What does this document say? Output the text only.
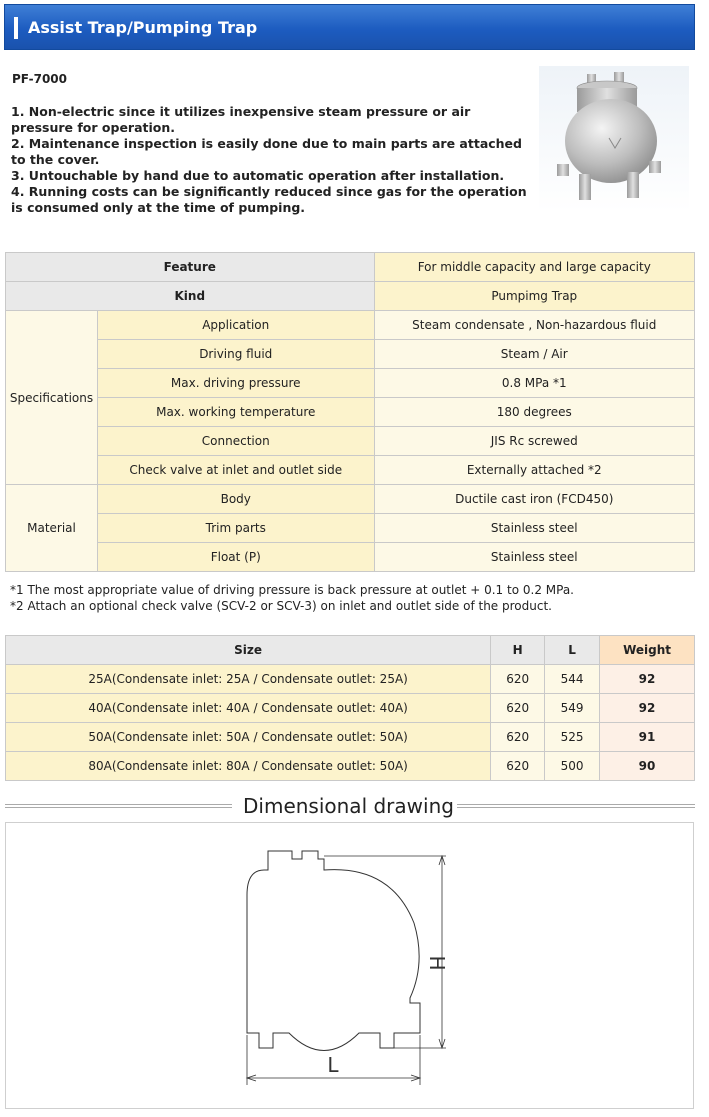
Assist Trap/Pumping Trap
PF-7000
1. Non-electric since it utilizes inexpensive steam pressure or air pressure for operation.
2. Maintenance inspection is easily done due to main parts are attached to the cover.
3. Untouchable by hand due to automatic operation after installation.
4. Running costs can be significantly reduced since gas for the operation is consumed only at the time of pumping.
Feature		For middle capacity and large capacity
Kind		Pumpimg Trap
Specifications	Application	Steam condensate , Non-hazardous fluid
	Driving fluid	Steam / Air
	Max. driving pressure	0.8 MPa *1
	Max. working temperature	180 degrees
	Connection	JIS Rc screwed
	Check valve at inlet and outlet side	Externally attached *2
Material	Body	Ductile cast iron (FCD450)
	Trim parts	Stainless steel
	Float (P)	Stainless steel
*1 The most appropriate value of driving pressure is back pressure at outlet + 0.1 to 0.2 MPa.
*2 Attach an optional check valve (SCV-2 or SCV-3) on inlet and outlet side of the product.
Size	H	L	Weight
25A(Condensate inlet: 25A / Condensate outlet: 25A)	620	544	92
40A(Condensate inlet: 40A / Condensate outlet: 40A)	620	549	92
50A(Condensate inlet: 50A / Condensate outlet: 50A)	620	525	91
80A(Condensate inlet: 80A / Condensate outlet: 50A)	620	500	90
Dimensional drawing
H
L
